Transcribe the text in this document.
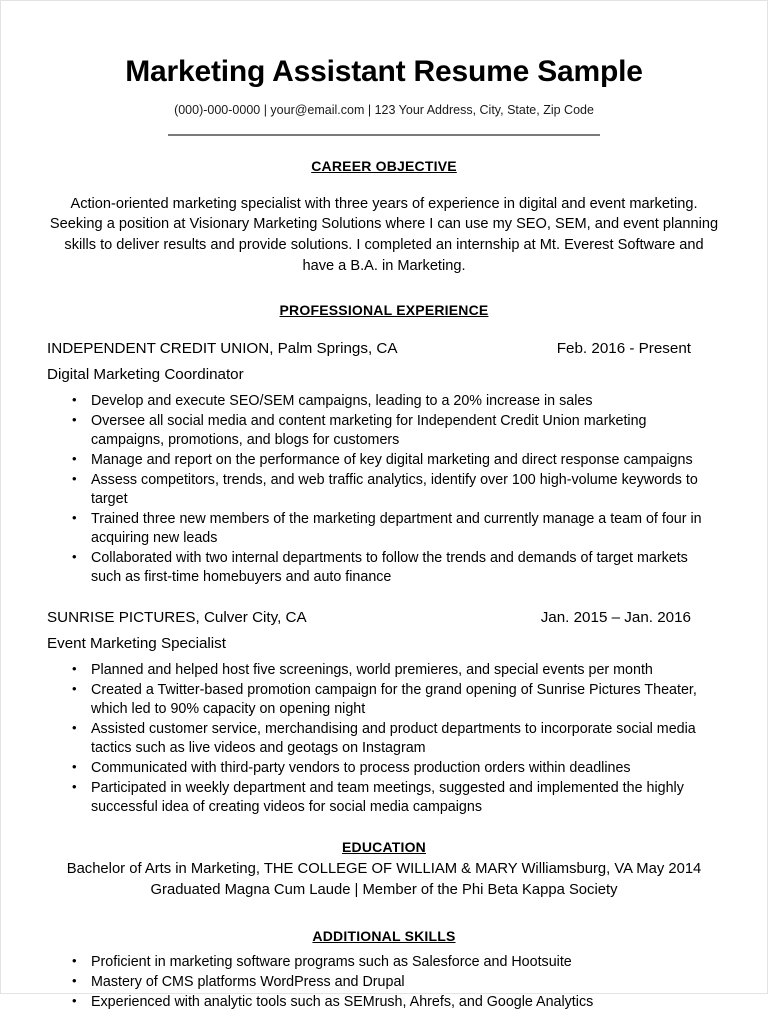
Marketing Assistant Resume Sample
(000)-000-0000 | your@email.com | 123 Your Address, City, State, Zip Code
CAREER OBJECTIVE

Action-oriented marketing specialist with three years of experience in digital and event marketing. Seeking a position at Visionary Marketing Solutions where I can use my SEO, SEM, and event planning skills to deliver results and provide solutions. I completed an internship at Mt. Everest Software and have a B.A. in Marketing.

PROFESSIONAL EXPERIENCE
INDEPENDENT CREDIT UNION, Palm Springs, CA	Feb. 2016 - Present
Digital Marketing Coordinator
• Develop and execute SEO/SEM campaigns, leading to a 20% increase in sales
• Oversee all social media and content marketing for Independent Credit Union marketing campaigns, promotions, and blogs for customers
• Manage and report on the performance of key digital marketing and direct response campaigns
• Assess competitors, trends, and web traffic analytics, identify over 100 high-volume keywords to target
• Trained three new members of the marketing department and currently manage a team of four in acquiring new leads
• Collaborated with two internal departments to follow the trends and demands of target markets such as first-time homebuyers and auto finance
SUNRISE PICTURES, Culver City, CA	Jan. 2015 – Jan. 2016
Event Marketing Specialist
• Planned and helped host five screenings, world premieres, and special events per month
• Created a Twitter-based promotion campaign for the grand opening of Sunrise Pictures Theater, which led to 90% capacity on opening night
• Assisted customer service, merchandising and product departments to incorporate social media tactics such as live videos and geotags on Instagram
• Communicated with third-party vendors to process production orders within deadlines
• Participated in weekly department and team meetings, suggested and implemented the highly successful idea of creating videos for social media campaigns
EDUCATION
Bachelor of Arts in Marketing, THE COLLEGE OF WILLIAM & MARY Williamsburg, VA May 2014
Graduated Magna Cum Laude | Member of the Phi Beta Kappa Society
ADDITIONAL SKILLS
• Proficient in marketing software programs such as Salesforce and Hootsuite
• Mastery of CMS platforms WordPress and Drupal
• Experienced with analytic tools such as SEMrush, Ahrefs, and Google Analytics
